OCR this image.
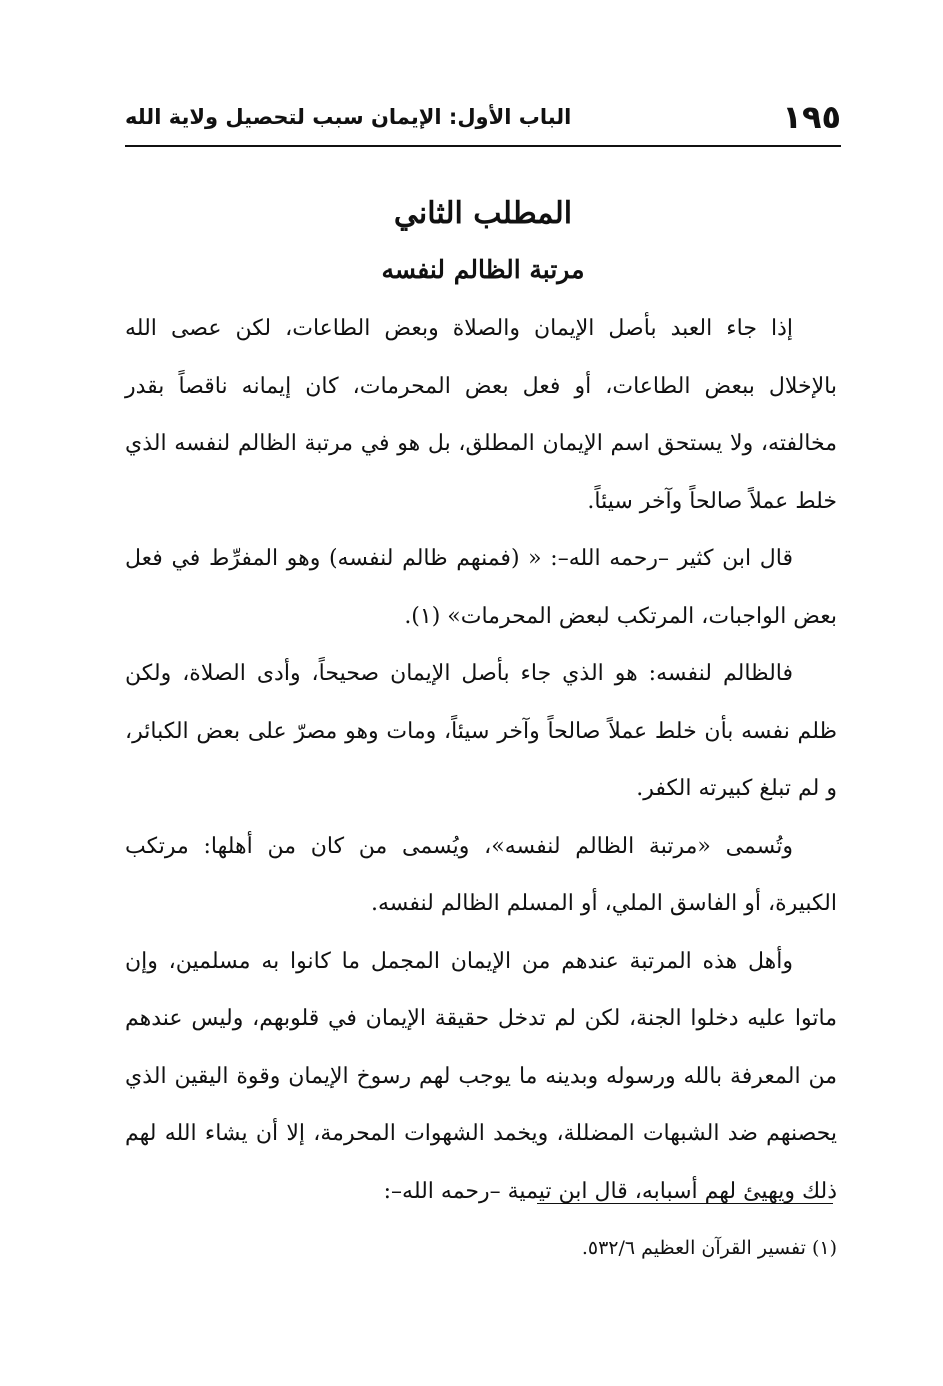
١٩٥
الباب الأول: الإيمان سبب لتحصيل ولاية الله
المطلب الثاني
مرتبة الظالم لنفسه

إذا جاء العبد بأصل الإيمان والصلاة وبعض الطاعات، لكن عصى الله بالإخلال ببعض الطاعات، أو فعل بعض المحرمات، كان إيمانه ناقصاً بقدر مخالفته، ولا يستحق اسم الإيمان المطلق، بل هو في مرتبة الظالم لنفسه الذي خلط عملاً صالحاً وآخر سيئاً.

قال ابن كثير –رحمه الله–: « (فمنهم ظالم لنفسه) وهو المفرِّط في فعل بعض الواجبات، المرتكب لبعض المحرمات» (١).

فالظالم لنفسه: هو الذي جاء بأصل الإيمان صحيحاً، وأدى الصلاة، ولكن ظلم نفسه بأن خلط عملاً صالحاً وآخر سيئاً، ومات وهو مصرّ على بعض الكبائر، و لم تبلغ كبيرته الكفر.

وتُسمى «مرتبة الظالم لنفسه»، ويُسمى من كان من أهلها: مرتكب الكبيرة، أو الفاسق الملي، أو المسلم الظالم لنفسه.

وأهل هذه المرتبة عندهم من الإيمان المجمل ما كانوا به مسلمين، وإن ماتوا عليه دخلوا الجنة، لكن لم تدخل حقيقة الإيمان في قلوبهم، وليس عندهم من المعرفة بالله ورسوله وبدينه ما يوجب لهم رسوخ الإيمان وقوة اليقين الذي يحصنهم ضد الشبهات المضللة، ويخمد الشهوات المحرمة، إلا أن يشاء الله لهم ذلك ويهيئ لهم أسبابه، قال ابن تيمية –رحمه الله–:

(١) تفسير القرآن العظيم ٥٣٢/٦.
